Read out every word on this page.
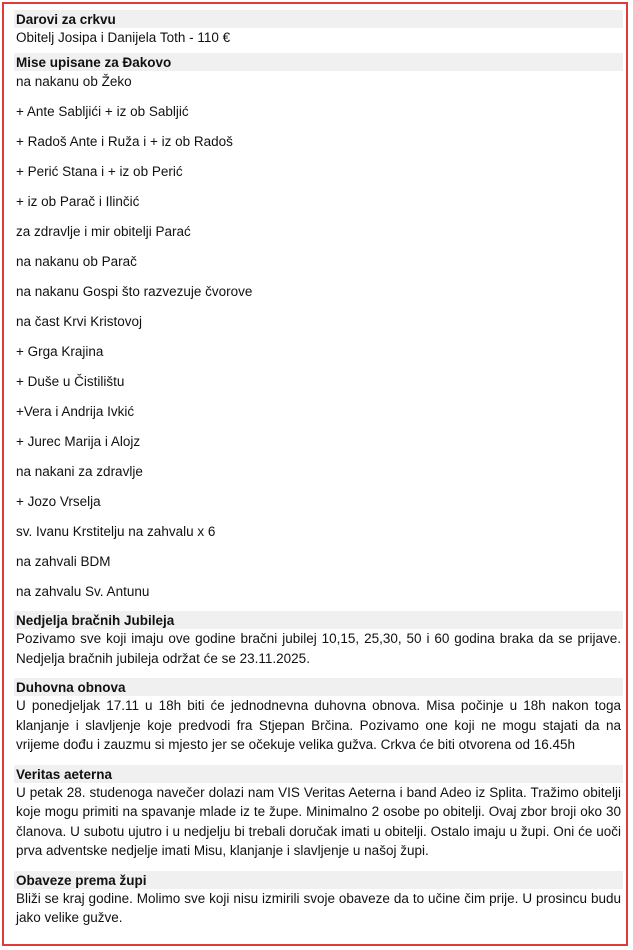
Darovi za crkvu

Obitelj Josipa i Danijela Toth - 110 €

Mise upisane za Đakovo
na nakanu ob Žeko
+ Ante Sabljići + iz ob Sabljić
+ Radoš Ante i Ruža i + iz ob Radoš
+ Perić Stana i + iz ob Perić
+ iz ob Parač i Ilinčić
za zdravlje i mir obitelji Parać
na nakanu ob Parač
na nakanu Gospi što razvezuje čvorove
na čast Krvi Kristovoj
+ Grga Krajina
+ Duše u Čistilištu
+Vera i Andrija Ivkić
+ Jurec Marija i Alojz
na nakani za zdravlje
+ Jozo Vrselja
sv. Ivanu Krstitelju na zahvalu x 6
na zahvali BDM
na zahvalu Sv. Antunu
Nedjelja bračnih Jubileja

Pozivamo sve koji imaju ove godine bračni jubilej 10,15, 25,30, 50 i 60 godina braka da se prijave. Nedjelja bračnih jubileja održat će se 23.11.2025.

Duhovna obnova

U ponedjeljak 17.11 u 18h biti će jednodnevna duhovna obnova. Misa počinje u 18h nakon toga klanjanje i slavljenje koje predvodi fra Stjepan Brčina. Pozivamo one koji ne mogu stajati da na vrijeme dođu i zauzmu si mjesto jer se očekuje velika gužva. Crkva će biti otvorena od 16.45h

Veritas aeterna

U petak 28. studenoga navečer dolazi nam VIS Veritas Aeterna i band Adeo iz Splita. Tražimo obitelji koje mogu primiti na spavanje mlade iz te župe. Minimalno 2 osobe po obitelji. Ovaj zbor broji oko 30 članova. U subotu ujutro i u nedjelju bi trebali doručak imati u obitelji. Ostalo imaju u župi. Oni će uoči prva adventske nedjelje imati Misu, klanjanje i slavljenje u našoj župi.

Obaveze prema župi

Bliži se kraj godine. Molimo sve koji nisu izmirili svoje obaveze da to učine čim prije. U prosincu budu jako velike gužve.
